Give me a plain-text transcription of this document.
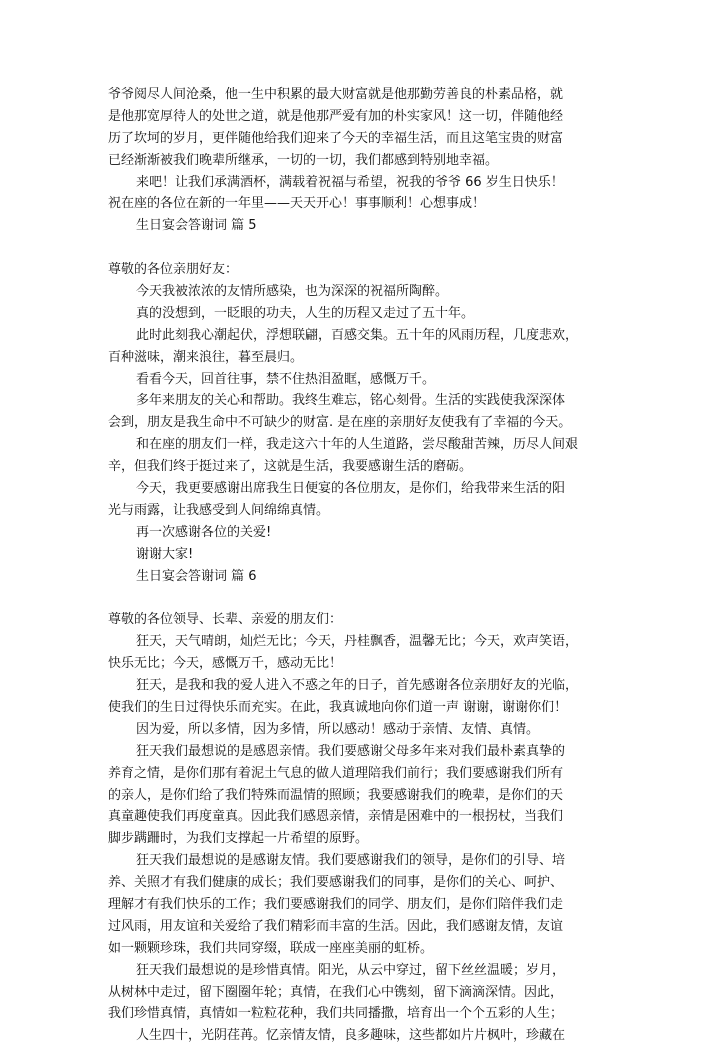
爷爷阅尽人间沧桑，他一生中积累的最大财富就是他那勤劳善良的朴素品格，就
是他那宽厚待人的处世之道，就是他那严爱有加的朴实家风！这一切，伴随他经
历了坎坷的岁月，更伴随他给我们迎来了今天的幸福生活，而且这笔宝贵的财富
已经渐渐被我们晚辈所继承，一切的一切，我们都感到特别地幸福。
来吧！让我们承满酒杯，满载着祝福与希望，祝我的爷爷 66 岁生日快乐！
祝在座的各位在新的一年里——天天开心！事事顺利！心想事成！
生日宴会答谢词 篇 5
尊敬的各位亲朋好友：
今天我被浓浓的友情所感染，也为深深的祝福所陶醉。
真的没想到，一眨眼的功夫，人生的历程又走过了五十年。
此时此刻我心潮起伏，浮想联翩，百感交集。五十年的风雨历程，几度悲欢，
百种滋味，潮来浪往，暮至晨归。
看看今天，回首往事，禁不住热泪盈眶，感慨万千。
多年来朋友的关心和帮助。我终生难忘，铭心刻骨。生活的实践使我深深体
会到，朋友是我生命中不可缺少的财富. 是在座的亲朋好友使我有了幸福的今天。
和在座的朋友们一样，我走这六十年的人生道路，尝尽酸甜苦辣，历尽人间艰
辛，但我们终于挺过来了，这就是生活，我要感谢生活的磨砺。
今天，我更要感谢出席我生日便宴的各位朋友，是你们，给我带来生活的阳
光与雨露，让我感受到人间绵绵真情。
再一次感谢各位的关爱!
谢谢大家!
生日宴会答谢词 篇 6
尊敬的各位领导、长辈、亲爱的朋友们：
狂天，天气晴朗，灿烂无比；今天，丹桂飘香，温馨无比；今天，欢声笑语，
快乐无比；今天，感慨万千，感动无比！
狂天，是我和我的爱人进入不惑之年的日子，首先感谢各位亲朋好友的光临，
使我们的生日过得快乐而充实。在此，我真诚地向你们道一声 谢谢，谢谢你们！
因为爱，所以多情，因为多情，所以感动！感动于亲情、友情、真情。
狂天我们最想说的是感恩亲情。我们要感谢父母多年来对我们最朴素真挚的
养育之情，是你们那有着泥土气息的做人道理陪我们前行；我们要感谢我们所有
的亲人，是你们给了我们特殊而温情的照顾；我要感谢我们的晚辈，是你们的天
真童趣使我们再度童真。因此我们感恩亲情，亲情是困难中的一根拐杖，当我们
脚步蹒跚时，为我们支撑起一片希望的原野。
狂天我们最想说的是感谢友情。我们要感谢我们的领导，是你们的引导、培
养、关照才有我们健康的成长；我们要感谢我们的同事，是你们的关心、呵护、
理解才有我们快乐的工作；我们要感谢我们的同学、朋友们，是你们陪伴我们走
过风雨，用友谊和关爱给了我们精彩而丰富的生活。因此，我们感谢友情，友谊
如一颗颗珍珠，我们共同穿缀，联成一座座美丽的虹桥。
狂天我们最想说的是珍惜真情。阳光，从云中穿过，留下丝丝温暖；岁月，
从树林中走过，留下圈圈年轮；真情，在我们心中镌刻，留下滴滴深情。因此，
我们珍惜真情，真情如一粒粒花种，我们共同播撒，培育出一个个五彩的人生；
人生四十，光阴荏苒。忆亲情友情，良多趣味，这些都如片片枫叶，珍藏在
